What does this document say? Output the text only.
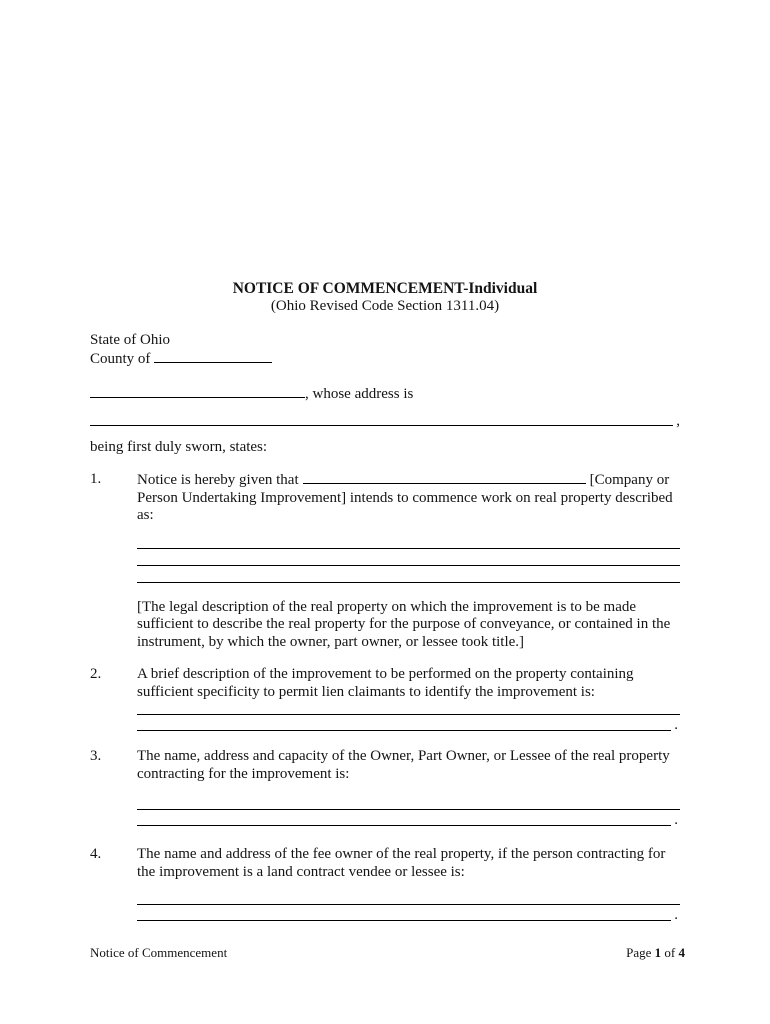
NOTICE OF COMMENCEMENT-Individual
(Ohio Revised Code Section 1311.04)
State of Ohio
County of
, whose address is
,
being first duly sworn, states:
1.	Notice is hereby given that	[Company or Person Undertaking Improvement] intends to commence work on real property described as:
[The legal description of the real property on which the improvement is to be made sufficient to describe the real property for the purpose of conveyance, or contained in the instrument, by which the owner, part owner, or lessee took title.]
2.	A brief description of the improvement to be performed on the property containing sufficient specificity to permit lien claimants to identify the improvement is:
.
3.	The name, address and capacity of the Owner, Part Owner, or Lessee of the real property contracting for the improvement is:
.
4.	The name and address of the fee owner of the real property, if the person contracting for the improvement is a land contract vendee or lessee is:
.
Notice of Commencement	Page 1 of 4
